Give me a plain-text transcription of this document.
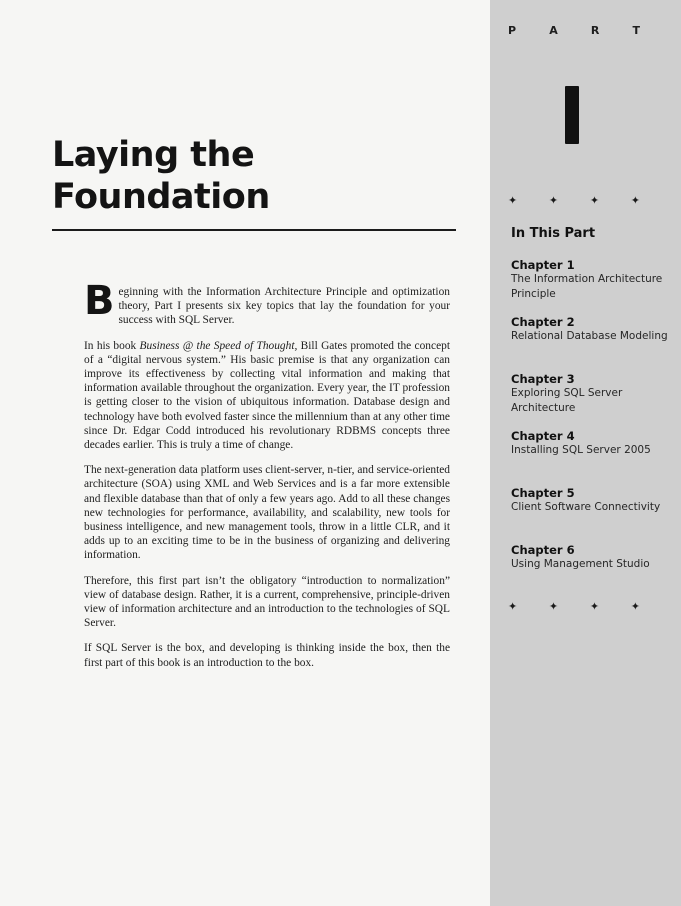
Laying the
Foundation

Beginning with the Information Architecture Principle and optimization theory, Part I presents six key topics that lay the foundation for your success with SQL Server.

In his book Business @ the Speed of Thought, Bill Gates promoted the concept of a “digital nervous system.” His basic premise is that any organization can improve its effectiveness by collecting vital information and making that information available throughout the organization. Every year, the IT profession is getting closer to the vision of ubiquitous information. Database design and technology have both evolved faster since the millennium than at any other time since Dr. Edgar Codd introduced his revolutionary RDBMS concepts three decades earlier. This is truly a time of change.

The next-generation data platform uses client-server, n-tier, and service-oriented architecture (SOA) using XML and Web Services and is a far more extensible and flexible database than that of only a few years ago. Add to all these changes new technologies for performance, availability, and scalability, new tools for business intelligence, and new management tools, throw in a little CLR, and it adds up to an exciting time to be in the business of organizing and delivering information.

Therefore, this first part isn’t the obligatory “introduction to normalization” view of database design. Rather, it is a current, comprehensive, principle-driven view of information architecture and an introduction to the technologies of SQL Server.

If SQL Server is the box, and developing is thinking inside the box, then the first part of this book is an introduction to the box.

P	A	R	T
✦	✦	✦	✦
In This Part
Chapter 1
The Information Architecture Principle
Chapter 2
Relational Database Modeling
Chapter 3
Exploring SQL Server Architecture
Chapter 4
Installing SQL Server 2005
Chapter 5
Client Software Connectivity
Chapter 6
Using Management Studio
✦	✦	✦	✦
